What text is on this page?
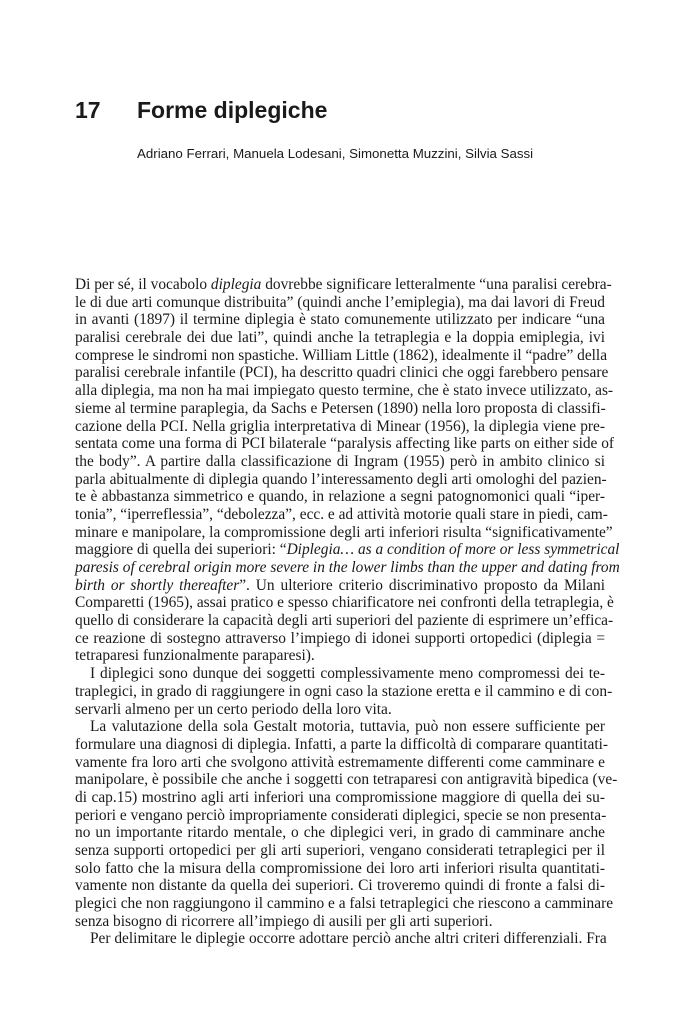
17 Forme diplegiche
Adriano Ferrari, Manuela Lodesani, Simonetta Muzzini, Silvia Sassi
Di per sé, il vocabolo diplegia dovrebbe significare letteralmente “una paralisi cerebra-
le di due arti comunque distribuita” (quindi anche l’emiplegia), ma dai lavori di Freud
in avanti (1897) il termine diplegia è stato comunemente utilizzato per indicare “una
paralisi cerebrale dei due lati”, quindi anche la tetraplegia e la doppia emiplegia, ivi
comprese le sindromi non spastiche. William Little (1862), idealmente il “padre” della
paralisi cerebrale infantile (PCI), ha descritto quadri clinici che oggi farebbero pensare
alla diplegia, ma non ha mai impiegato questo termine, che è stato invece utilizzato, as-
sieme al termine paraplegia, da Sachs e Petersen (1890) nella loro proposta di classifi-
cazione della PCI. Nella griglia interpretativa di Minear (1956), la diplegia viene pre-
sentata come una forma di PCI bilaterale “paralysis affecting like parts on either side of
the body”. A partire dalla classificazione di Ingram (1955) però in ambito clinico si
parla abitualmente di diplegia quando l’interessamento degli arti omologhi del pazien-
te è abbastanza simmetrico e quando, in relazione a segni patognomonici quali “iper-
tonia”, “iperreflessia”, “debolezza”, ecc. e ad attività motorie quali stare in piedi, cam-
minare e manipolare, la compromissione degli arti inferiori risulta “significativamente”
maggiore di quella dei superiori: “Diplegia… as a condition of more or less symmetrical
paresis of cerebral origin more severe in the lower limbs than the upper and dating from
birth or shortly thereafter”. Un ulteriore criterio discriminativo proposto da Milani
Comparetti (1965), assai pratico e spesso chiarificatore nei confronti della tetraplegia, è
quello di considerare la capacità degli arti superiori del paziente di esprimere un’effica-
ce reazione di sostegno attraverso l’impiego di idonei supporti ortopedici (diplegia =
tetraparesi funzionalmente paraparesi).
I diplegici sono dunque dei soggetti complessivamente meno compromessi dei te-
traplegici, in grado di raggiungere in ogni caso la stazione eretta e il cammino e di con-
servarli almeno per un certo periodo della loro vita.
La valutazione della sola Gestalt motoria, tuttavia, può non essere sufficiente per
formulare una diagnosi di diplegia. Infatti, a parte la difficoltà di comparare quantitati-
vamente fra loro arti che svolgono attività estremamente differenti come camminare e
manipolare, è possibile che anche i soggetti con tetraparesi con antigravità bipedica (ve-
di cap.15) mostrino agli arti inferiori una compromissione maggiore di quella dei su-
periori e vengano perciò impropriamente considerati diplegici, specie se non presenta-
no un importante ritardo mentale, o che diplegici veri, in grado di camminare anche
senza supporti ortopedici per gli arti superiori, vengano considerati tetraplegici per il
solo fatto che la misura della compromissione dei loro arti inferiori risulta quantitati-
vamente non distante da quella dei superiori. Ci troveremo quindi di fronte a falsi di-
plegici che non raggiungono il cammino e a falsi tetraplegici che riescono a camminare
senza bisogno di ricorrere all’impiego di ausili per gli arti superiori.
Per delimitare le diplegie occorre adottare perciò anche altri criteri differenziali. Fra
